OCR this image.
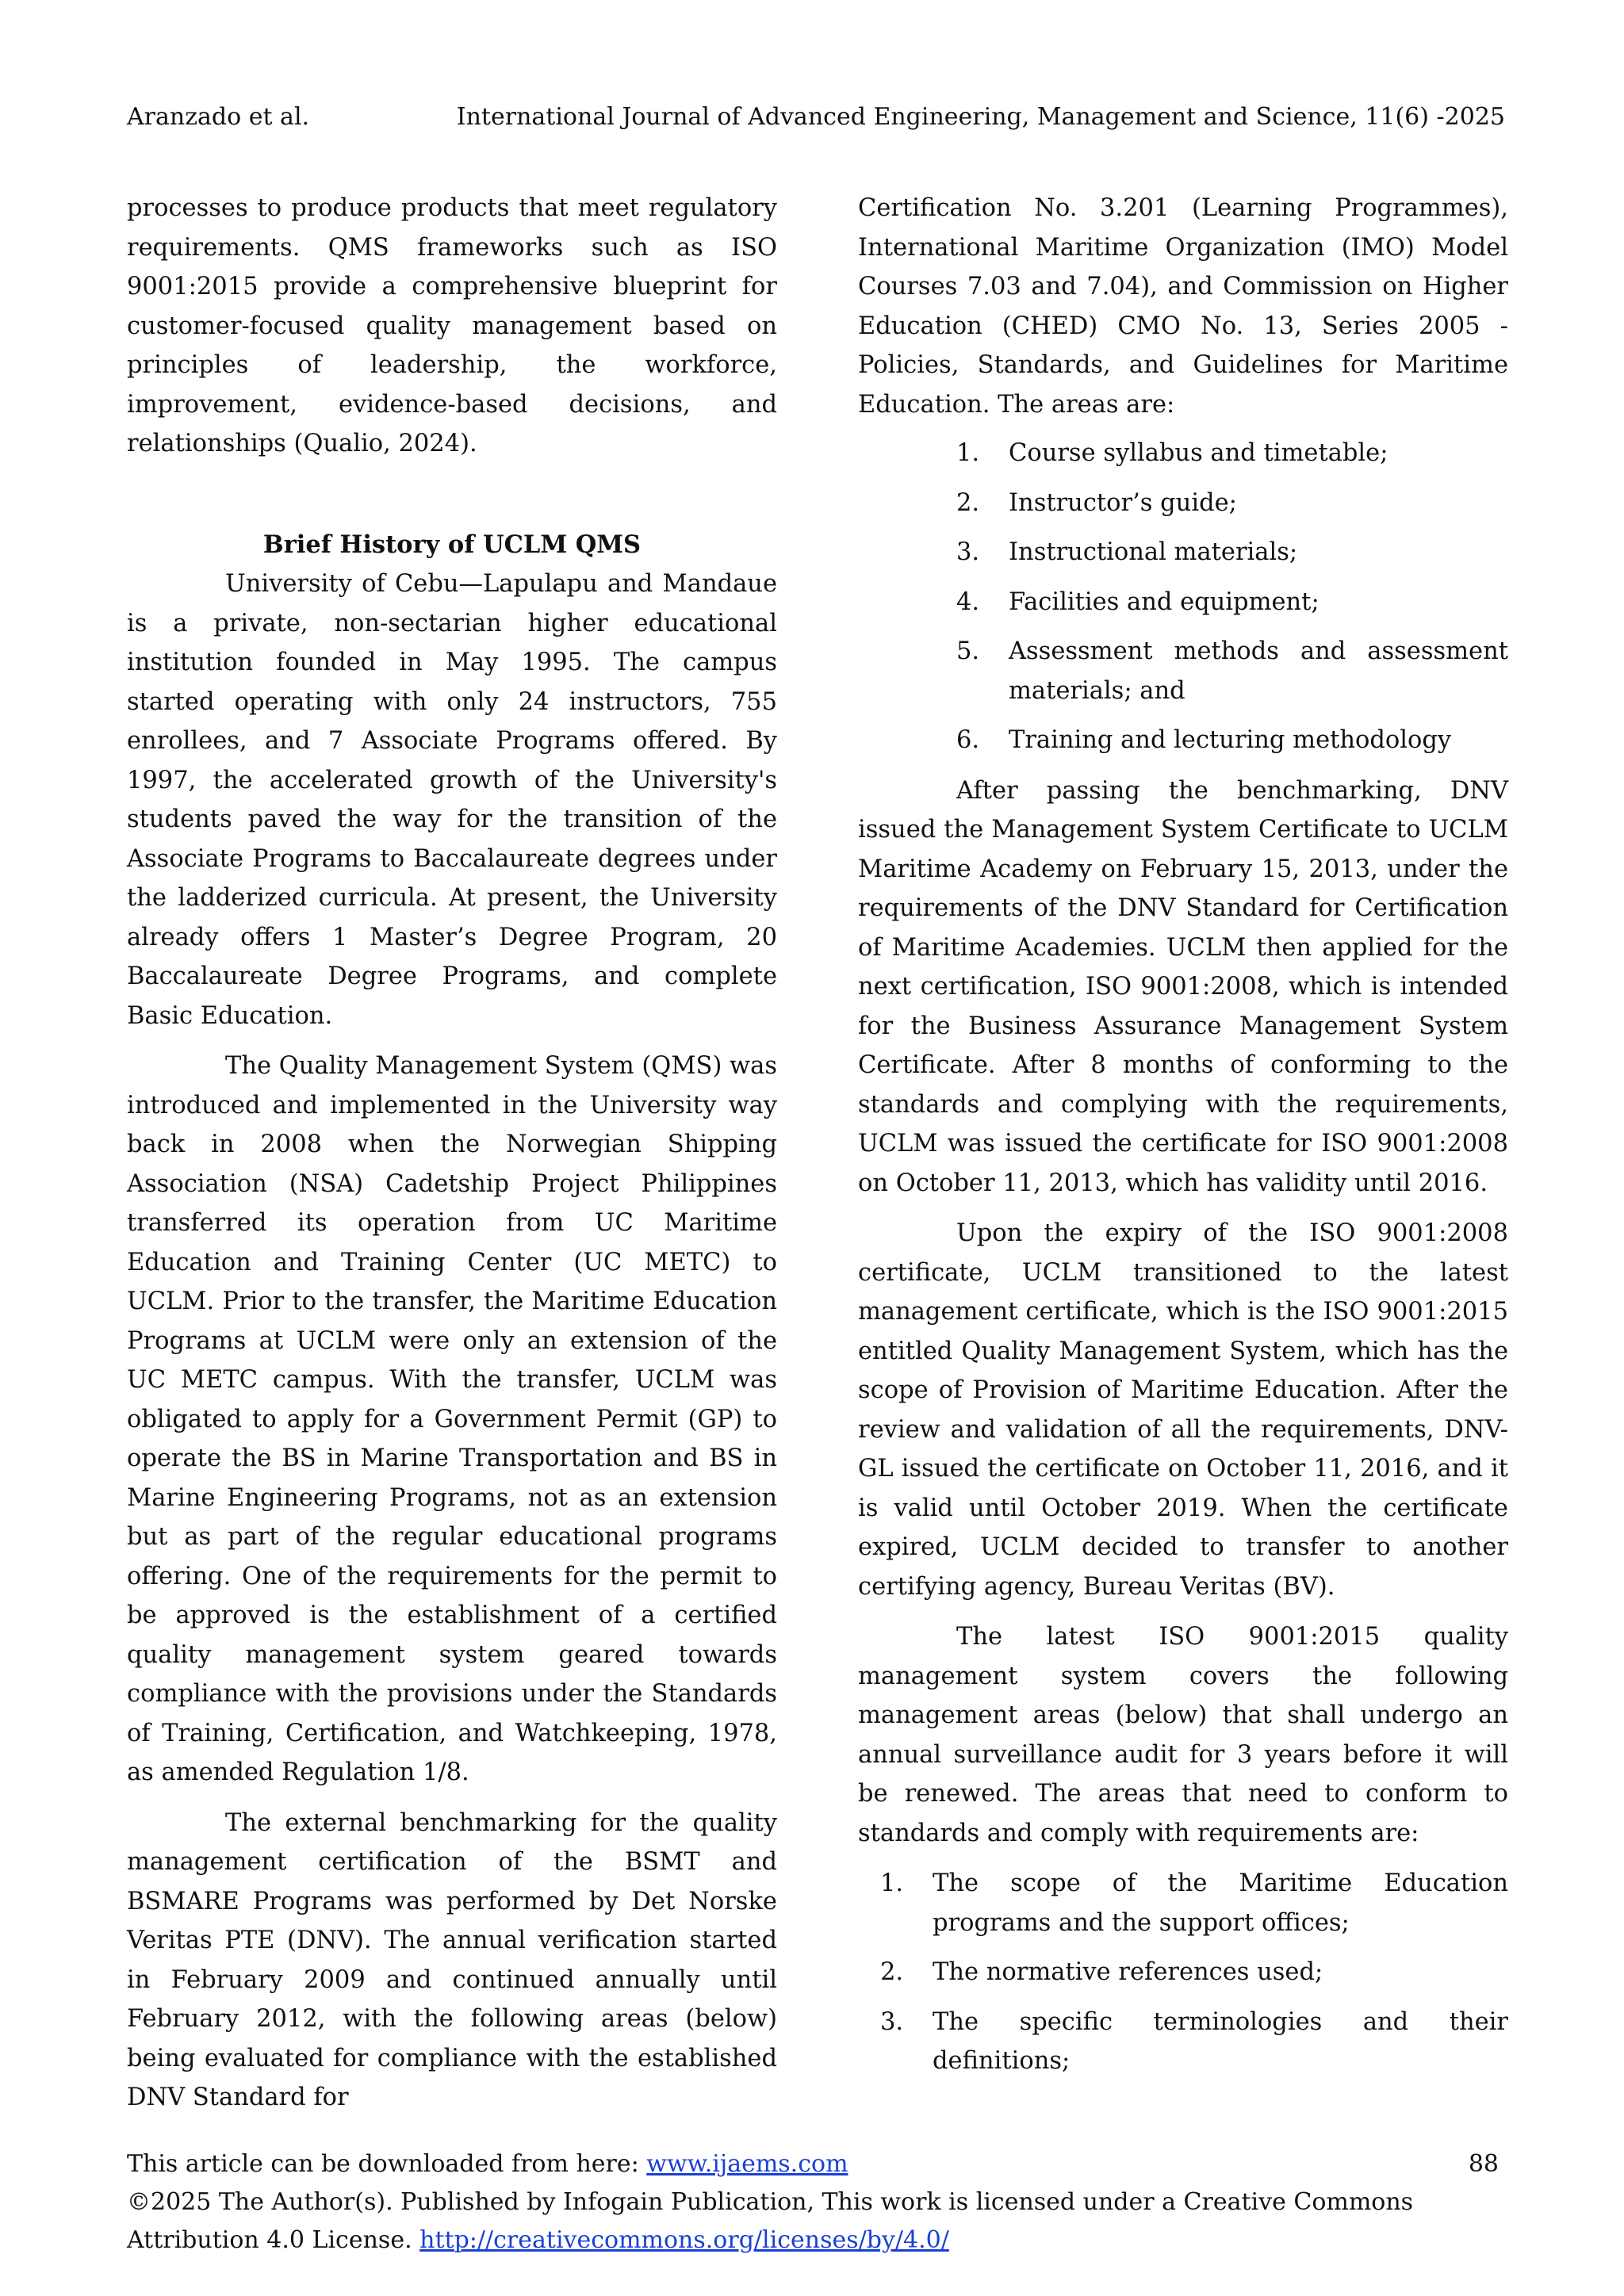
Aranzado et al.	International Journal of Advanced Engineering, Management and Science, 11(6) -2025

processes to produce products that meet regulatory requirements. QMS frameworks such as ISO 9001:2015 provide a comprehensive blueprint for customer-focused quality management based on principles of leadership, the workforce, improvement, evidence-based decisions, and relationships (Qualio, 2024).

Brief History of UCLM QMS

University of Cebu—Lapulapu and Mandaue is a private, non-sectarian higher educational institution founded in May 1995. The campus started operating with only 24 instructors, 755 enrollees, and 7 Associate Programs offered. By 1997, the accelerated growth of the University's students paved the way for the transition of the Associate Programs to Baccalaureate degrees under the ladderized curricula. At present, the University already offers 1 Master’s Degree Program, 20 Baccalaureate Degree Programs, and complete Basic Education.

The Quality Management System (QMS) was introduced and implemented in the University way back in 2008 when the Norwegian Shipping Association (NSA) Cadetship Project Philippines transferred its operation from UC Maritime Education and Training Center (UC METC) to UCLM. Prior to the transfer, the Maritime Education Programs at UCLM were only an extension of the UC METC campus. With the transfer, UCLM was obligated to apply for a Government Permit (GP) to operate the BS in Marine Transportation and BS in Marine Engineering Programs, not as an extension but as part of the regular educational programs offering. One of the requirements for the permit to be approved is the establishment of a certified quality management system geared towards compliance with the provisions under the Standards of Training, Certification, and Watchkeeping, 1978, as amended Regulation 1/8.

The external benchmarking for the quality management certification of the BSMT and BSMARE Programs was performed by Det Norske Veritas PTE (DNV). The annual verification started in February 2009 and continued annually until February 2012, with the following areas (below) being evaluated for compliance with the established DNV Standard for

Certification No. 3.201 (Learning Programmes), International Maritime Organization (IMO) Model Courses 7.03 and 7.04), and Commission on Higher Education (CHED) CMO No. 13, Series 2005 - Policies, Standards, and Guidelines for Maritime Education. The areas are:

1. Course syllabus and timetable;
2. Instructor’s guide;
3. Instructional materials;
4. Facilities and equipment;
5. Assessment methods and assessment materials; and
6. Training and lecturing methodology

After passing the benchmarking, DNV issued the Management System Certificate to UCLM Maritime Academy on February 15, 2013, under the requirements of the DNV Standard for Certification of Maritime Academies. UCLM then applied for the next certification, ISO 9001:2008, which is intended for the Business Assurance Management System Certificate. After 8 months of conforming to the standards and complying with the requirements, UCLM was issued the certificate for ISO 9001:2008 on October 11, 2013, which has validity until 2016.

Upon the expiry of the ISO 9001:2008 certificate, UCLM transitioned to the latest management certificate, which is the ISO 9001:2015 entitled Quality Management System, which has the scope of Provision of Maritime Education. After the review and validation of all the requirements, DNV-GL issued the certificate on October 11, 2016, and it is valid until October 2019. When the certificate expired, UCLM decided to transfer to another certifying agency, Bureau Veritas (BV).

The latest ISO 9001:2015 quality management system covers the following management areas (below) that shall undergo an annual surveillance audit for 3 years before it will be renewed. The areas that need to conform to standards and comply with requirements are:

1. The scope of the Maritime Education programs and the support offices;
2. The normative references used;
3. The specific terminologies and their definitions;
This article can be downloaded from here: www.ijaems.com	88
©2025 The Author(s). Published by Infogain Publication, This work is licensed under a Creative Commons Attribution 4.0 License. http://creativecommons.org/licenses/by/4.0/
